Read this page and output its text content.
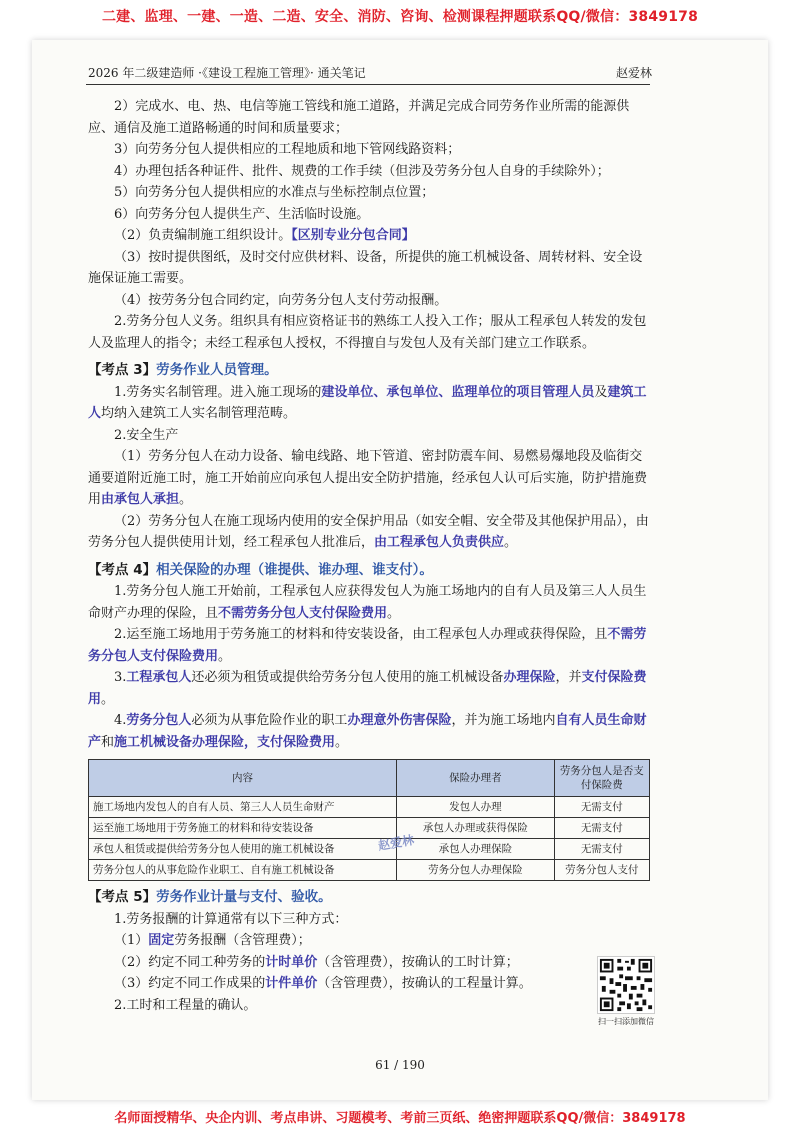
二建、监理、一建、一造、二造、安全、消防、咨询、检测课程押题联系QQ/微信：3849178
2026 年二级建造师 ·《建设工程施工管理》· 通关笔记	赵爱林

2）完成水、电、热、电信等施工管线和施工道路，并满足完成合同劳务作业所需的能源供应、通信及施工道路畅通的时间和质量要求；

3）向劳务分包人提供相应的工程地质和地下管网线路资料；

4）办理包括各种证件、批件、规费的工作手续（但涉及劳务分包人自身的手续除外）；

5）向劳务分包人提供相应的水准点与坐标控制点位置；

6）向劳务分包人提供生产、生活临时设施。

（2）负责编制施工组织设计。【区别专业分包合同】

（3）按时提供图纸，及时交付应供材料、设备，所提供的施工机械设备、周转材料、安全设施保证施工需要。

（4）按劳务分包合同约定，向劳务分包人支付劳动报酬。

2.劳务分包人义务。组织具有相应资格证书的熟练工人投入工作；服从工程承包人转发的发包人及监理人的指令；未经工程承包人授权，不得擅自与发包人及有关部门建立工作联系。

【考点 3】劳务作业人员管理。

1.劳务实名制管理。进入施工现场的建设单位、承包单位、监理单位的项目管理人员及建筑工人均纳入建筑工人实名制管理范畴。

2.安全生产

（1）劳务分包人在动力设备、输电线路、地下管道、密封防震车间、易燃易爆地段及临街交通要道附近施工时，施工开始前应向承包人提出安全防护措施，经承包人认可后实施，防护措施费用由承包人承担。

（2）劳务分包人在施工现场内使用的安全保护用品（如安全帽、安全带及其他保护用品），由劳务分包人提供使用计划，经工程承包人批准后，由工程承包人负责供应。

【考点 4】相关保险的办理（谁提供、谁办理、谁支付）。

1.劳务分包人施工开始前，工程承包人应获得发包人为施工场地内的自有人员及第三人人员生命财产办理的保险，且不需劳务分包人支付保险费用。

2.运至施工场地用于劳务施工的材料和待安装设备，由工程承包人办理或获得保险，且不需劳务分包人支付保险费用。

3.工程承包人还必须为租赁或提供给劳务分包人使用的施工机械设备办理保险，并支付保险费用。

4.劳务分包人必须为从事危险作业的职工办理意外伤害保险，并为施工场地内自有人员生命财产和施工机械设备办理保险，支付保险费用。

内容	保险办理者	劳务分包人是否支付保险费
施工场地内发包人的自有人员、第三人人员生命财产	发包人办理	无需支付
运至施工场地用于劳务施工的材料和待安装设备	承包人办理或获得保险	无需支付
承包人租赁或提供给劳务分包人使用的施工机械设备	承包人办理保险	无需支付
劳务分包人的从事危险作业职工、自有施工机械设备	劳务分包人办理保险	劳务分包人支付

【考点 5】劳务作业计量与支付、验收。

1.劳务报酬的计算通常有以下三种方式：

（1）固定劳务报酬（含管理费）；

（2）约定不同工种劳务的计时单价（含管理费），按确认的工时计算；

（3）约定不同工作成果的计件单价（含管理费），按确认的工程量计算。

2.工时和工程量的确认。

赵爱林
扫一扫添加微信
61 / 190
名师面授精华、央企内训、考点串讲、习题模考、考前三页纸、绝密押题联系QQ/微信：3849178
